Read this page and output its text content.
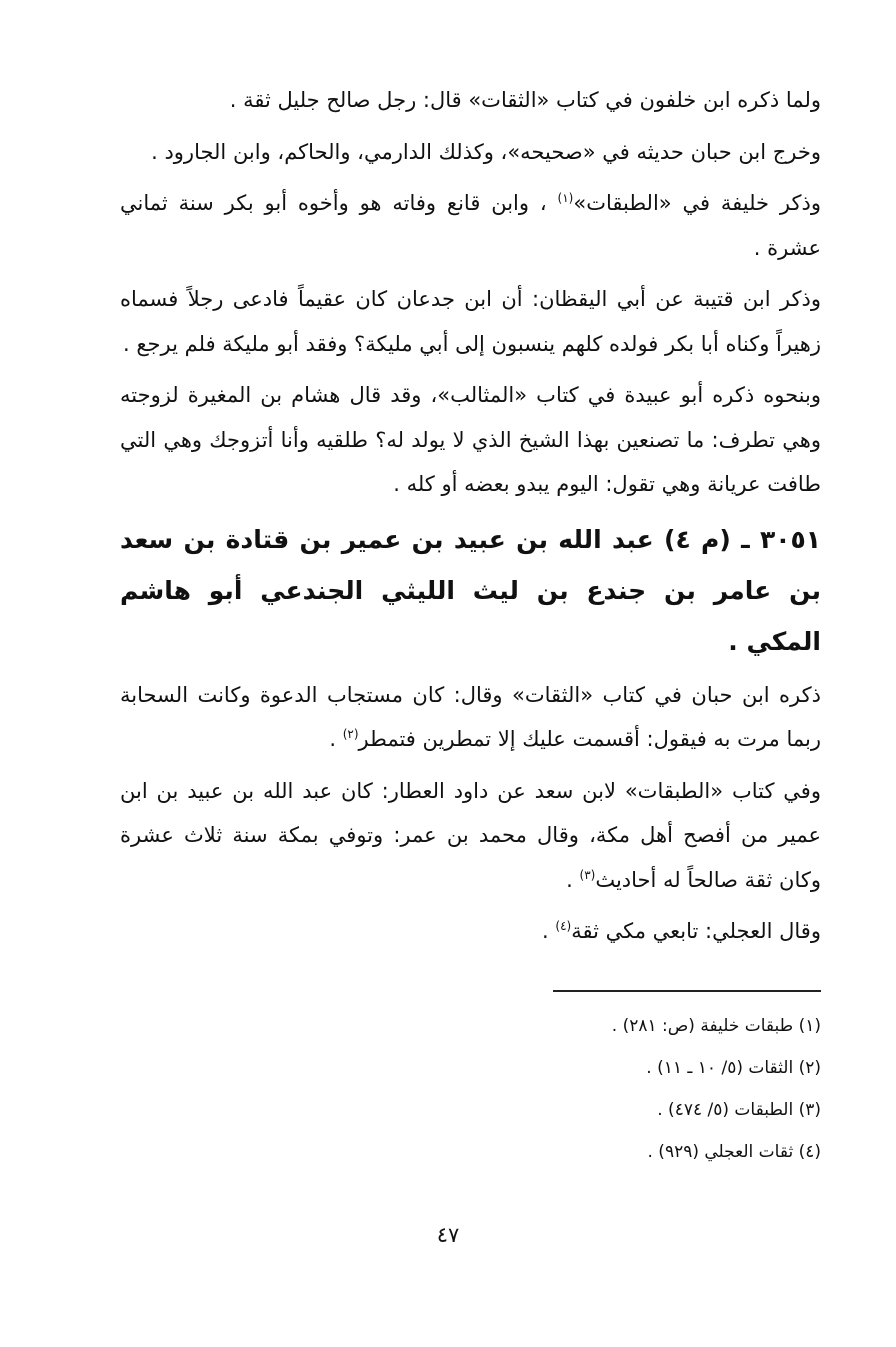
ولما ذكره ابن خلفون في كتاب «الثقات» قال: رجل صالح جليل ثقة .

وخرج ابن حبان حديثه في «صحيحه»، وكذلك الدارمي، والحاكم، وابن الجارود .

وذكر خليفة في «الطبقات»$^{(١)}$ ، وابن قانع وفاته هو وأخوه أبو بكر سنة ثماني عشرة .

وذكر ابن قتيبة عن أبي اليقظان: أن ابن جدعان كان عقيماً فادعى رجلاً فسماه زهيراً وكناه أبا بكر فولده كلهم ينسبون إلى أبي مليكة؟ وفقد أبو مليكة فلم يرجع .

وبنحوه ذكره أبو عبيدة في كتاب «المثالب»، وقد قال هشام بن المغيرة لزوجته وهي تطرف: ما تصنعين بهذا الشيخ الذي لا يولد له؟ طلقيه وأنا أتزوجك وهي التي طافت عريانة وهي تقول: اليوم يبدو بعضه أو كله .

٣٠٥١ ـ (م ٤) عبد الله بن عبيد بن عمير بن قتادة بن سعد بن عامر بن جندع بن ليث الليثي الجندعي أبو هاشم المكي .

ذكره ابن حبان في كتاب «الثقات» وقال: كان مستجاب الدعوة وكانت السحابة ربما مرت به فيقول: أقسمت عليك إلا تمطرين فتمطر$^{(٢)}$ .

وفي كتاب «الطبقات» لابن سعد عن داود العطار: كان عبد الله بن عبيد بن ابن عمير من أفصح أهل مكة، وقال محمد بن عمر: وتوفي بمكة سنة ثلاث عشرة وكان ثقة صالحاً له أحاديث$^{(٣)}$ .

وقال العجلي: تابعي مكي ثقة$^{(٤)}$ .

(١) طبقات خليفة (ص: ٢٨١) .

(٢) الثقات (٥/ ١٠ ـ ١١) .

(٣) الطبقات (٥/ ٤٧٤) .

(٤) ثقات العجلي (٩٢٩) .

٤٧
